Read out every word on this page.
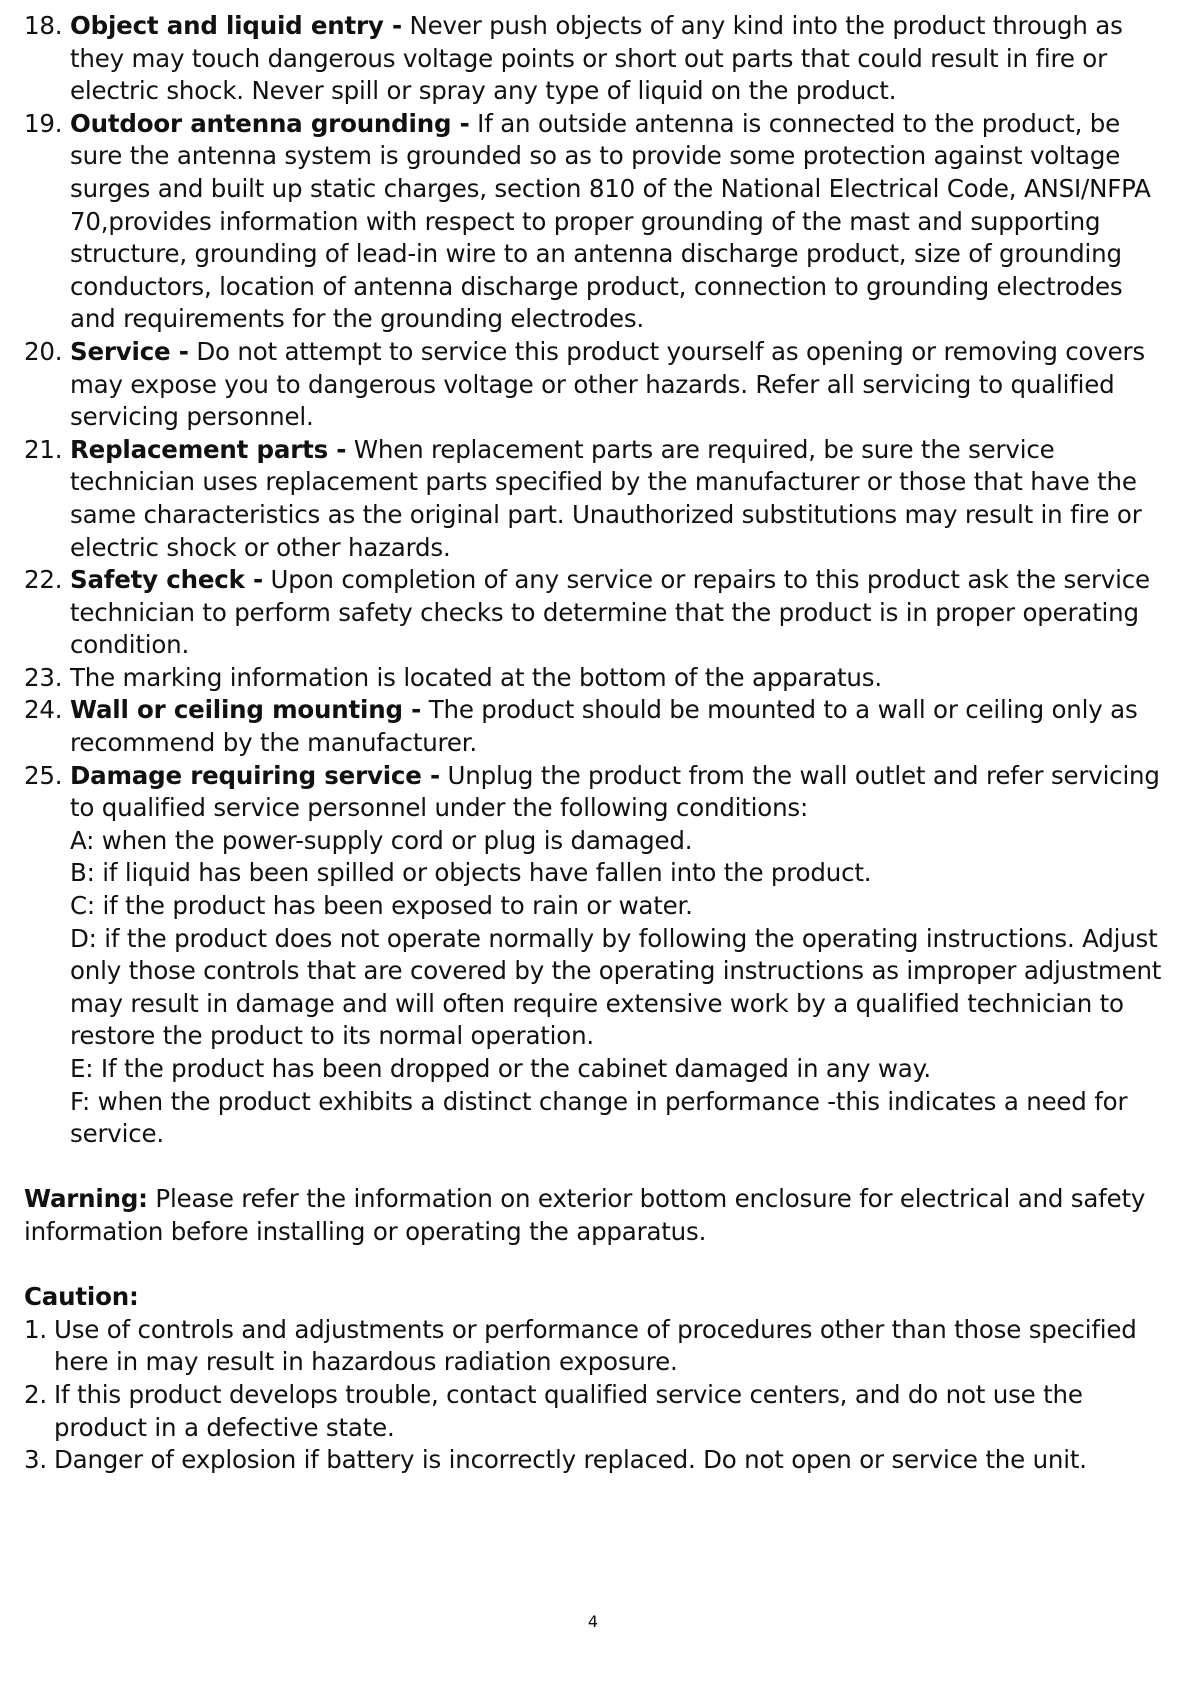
18. Object and liquid entry - Never push objects of any kind into the product through as they may touch dangerous voltage points or short out parts that could result in fire or electric shock. Never spill or spray any type of liquid on the product.
19. Outdoor antenna grounding - If an outside antenna is connected to the product, be sure the antenna system is grounded so as to provide some protection against voltage surges and built up static charges, section 810 of the National Electrical Code, ANSI/NFPA 70,provides information with respect to proper grounding of the mast and supporting structure, grounding of lead-in wire to an antenna discharge product, size of grounding conductors, location of antenna discharge product, connection to grounding electrodes and requirements for the grounding electrodes.
20. Service - Do not attempt to service this product yourself as opening or removing covers may expose you to dangerous voltage or other hazards. Refer all servicing to qualified servicing personnel.
21. Replacement parts - When replacement parts are required, be sure the service technician uses replacement parts specified by the manufacturer or those that have the same characteristics as the original part. Unauthorized substitutions may result in fire or electric shock or other hazards.
22. Safety check - Upon completion of any service or repairs to this product ask the service technician to perform safety checks to determine that the product is in proper operating condition.
23. The marking information is located at the bottom of the apparatus.
24. Wall or ceiling mounting - The product should be mounted to a wall or ceiling only as recommend by the manufacturer.
25. Damage requiring service - Unplug the product from the wall outlet and refer servicing to qualified service personnel under the following conditions:
A: when the power-supply cord or plug is damaged.
B: if liquid has been spilled or objects have fallen into the product.
C: if the product has been exposed to rain or water.
D: if the product does not operate normally by following the operating instructions. Adjust only those controls that are covered by the operating instructions as improper adjustment may result in damage and will often require extensive work by a qualified technician to restore the product to its normal operation.
E: If the product has been dropped or the cabinet damaged in any way.
F: when the product exhibits a distinct change in performance -this indicates a need for service.
Warning: Please refer the information on exterior bottom enclosure for electrical and safety information before installing or operating the apparatus.
Caution:
1. Use of controls and adjustments or performance of procedures other than those specified here in may result in hazardous radiation exposure.
2. If this product develops trouble, contact qualified service centers, and do not use the product in a defective state.
3. Danger of explosion if battery is incorrectly replaced. Do not open or service the unit.
4
